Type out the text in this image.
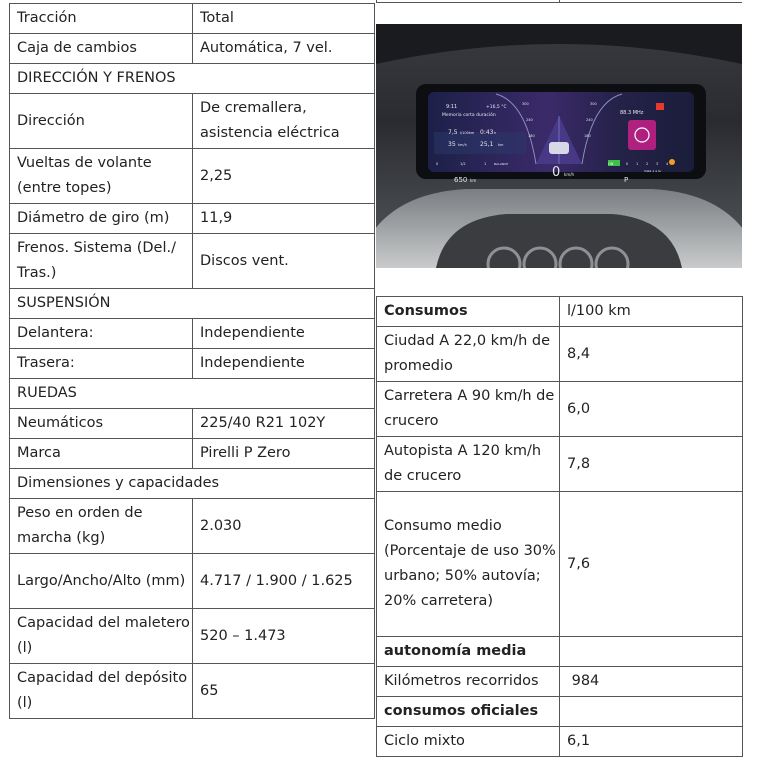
Tracción	Total
Caja de cambios	Automática, 7 vel.
DIRECCIÓN Y FRENOS	
Dirección	De cremallera, asistencia eléctrica
Vueltas de volante (entre topes)	2,25
Diámetro de giro (m)	11,9
Frenos. Sistema (Del./ Tras.)	Discos vent.
SUSPENSIÓN	
Delantera:	Independiente
Trasera:	Independiente
RUEDAS	
Neumáticos	225/40 R21 102Y
Marca	Pirelli P Zero
Dimensiones y capacidades	
Peso en orden de marcha (kg)	2.030
Largo/Ancho/Alto (mm)	4.717 / 1.900 / 1.625
Capacidad del maletero (l)	520 – 1.473
Capacidad del depósito (l)	65
9:11	+16,5 °C
Memoria corta duración
7,5 l/100km 0:43 h
35 km/h 25,1 km
88.3 MHz
0 km/h
650 km	P
ON
BALANCE
Vista 1 a la
300
240
180
300
240
180
0	1/2	1	0 1 2 3 4
Consumos	l/100 km
Ciudad A 22,0 km/h de promedio	8,4
Carretera A 90 km/h de crucero	6,0
Autopista A 120 km/h de crucero	7,8
Consumo medio (Porcentaje de uso 30% urbano; 50% autovía; 20% carretera)	7,6
autonomía media	
Kilómetros recorridos	984
consumos oficiales	
Ciclo mixto	6,1
